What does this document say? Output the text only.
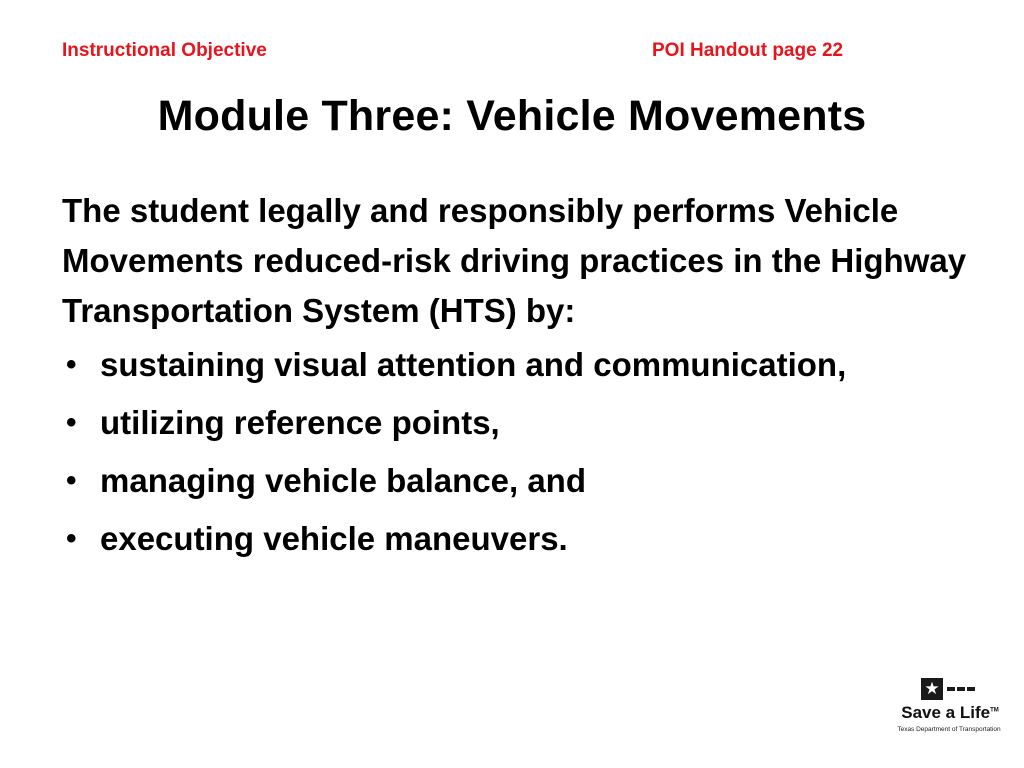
Instructional Objective	POI Handout page 22
Module Three: Vehicle Movements

The student legally and responsibly performs Vehicle Movements reduced-risk driving practices in the Highway Transportation System (HTS) by:

• sustaining visual attention and communication,
• utilizing reference points,
• managing vehicle balance, and
• executing vehicle maneuvers.
★
Save a Life™
Texas Department of Transportation
